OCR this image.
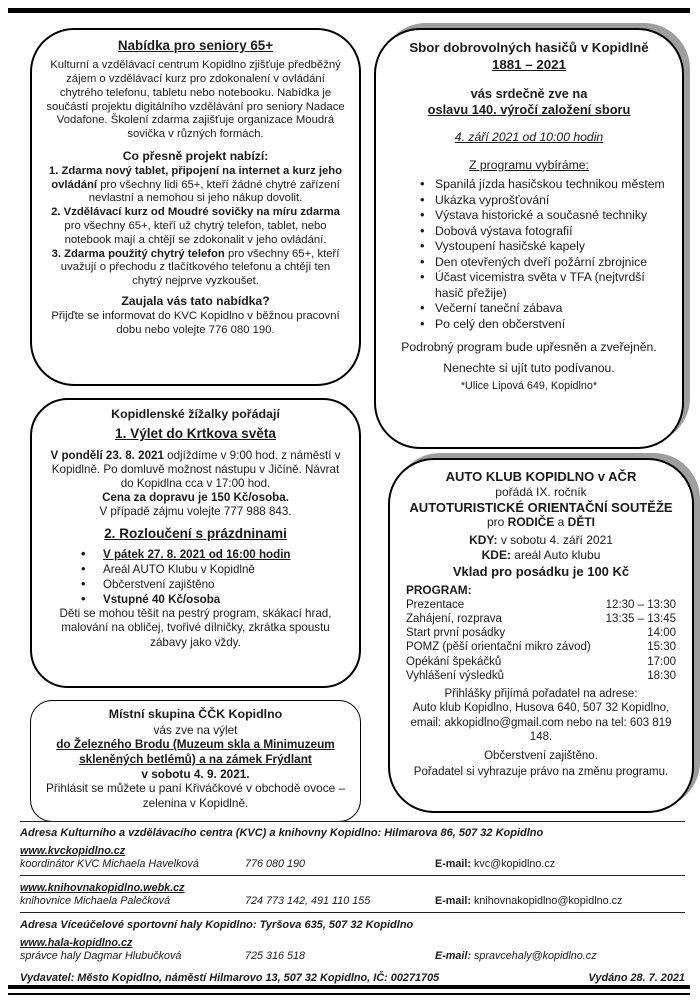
Nabídka pro seniory 65+

Kulturní a vzdělávací centrum Kopidlno zjišťuje předběžný zájem o vzdělávací kurz pro zdokonalení v ovládání chytrého telefonu, tabletu nebo notebooku. Nabídka je součástí projektu digitálního vzdělávání pro seniory Nadace Vodafone. Školení zdarma zajišťuje organizace Moudrá sovička v různých formách.

Co přesně projekt nabízí:

1. Zdarma nový tablet, připojení na internet a kurz jeho ovládání pro všechny lidi 65+, kteří žádné chytré zařízení nevlastní a nemohou si jeho nákup dovolit.

2. Vzdělávací kurz od Moudré sovičky na míru zdarma pro všechny 65+, kteří už chytrý telefon, tablet, nebo notebook mají a chtějí se zdokonalit v jeho ovládání.

3. Zdarma použitý chytrý telefon pro všechny 65+, kteří uvažují o přechodu z tlačítkového telefonu a chtějí ten chytrý nejprve vyzkoušet.

Zaujala vás tato nabídka?

Přijďte se informovat do KVC Kopidlno v běžnou pracovní dobu nebo volejte 776 080 190.

Sbor dobrovolných hasičů v Kopidlně

1881 – 2021

vás srdečně zve na

oslavu 140. výročí založení sboru

4. září 2021 od 10:00 hodin

Z programu vybíráme:

• Spanilá jízda hasičskou technikou městem
• Ukázka vyprošťování
• Výstava historické a současné techniky
• Dobová výstava fotografií
• Vystoupení hasičské kapely
• Den otevřených dveří požární zbrojnice
• Účast vicemistra světa v TFA (nejtvrdší hasič přežije)
• Večerní taneční zábava
• Po celý den občerstvení

Podrobný program bude upřesněn a zveřejněn.

Nenechte si ujít tuto podívanou.

*Ulice Lipová 649, Kopidlno*

Kopidlenské žížalky pořádají

1. Výlet do Krtkova světa

V pondělí 23. 8. 2021 odjíždíme v 9:00 hod. z náměstí v Kopidlně. Po domluvě možnost nástupu v Jičíně. Návrat do Kopidlna cca v 17:00 hod.
Cena za dopravu je 150 Kč/osoba.
V případě zájmu volejte 777 988 843.

2. Rozloučení s prázdninami

• V pátek 27. 8. 2021 od 16:00 hodin
• Areál AUTO Klubu v Kopidlně
• Občerstvení zajištěno
• Vstupné 40 Kč/osoba

Děti se mohou těšit na pestrý program, skákací hrad, malování na obličej, tvořivé dílničky, zkrátka spoustu zábavy jako vždy.

AUTO KLUB KOPIDLNO v AČR

pořádá IX. ročník

AUTOTURISTICKÉ ORIENTAČNÍ SOUTĚŽE

pro RODIČE a DĚTI

KDY: v sobotu 4. září 2021

KDE: areál Auto klubu

Vklad pro posádku je 100 Kč

PROGRAM:

Prezentace	12:30 – 13:30
Zahájení, rozprava	13:35 – 13:45
Start první posádky	14:00
POMZ (pěší orientační mikro závod)	15:30
Opékání špekáčků	17:00
Vyhlášení výsledků	18:30

Přihlášky přijímá pořadatel na adrese:
Auto klub Kopidlno, Husova 640, 507 32 Kopidlno, email: akkopidlno@gmail.com nebo na tel: 603 819 148.

Občerstvení zajištěno.

Pořadatel si vyhrazuje právo na změnu programu.

Místní skupina ČČK Kopidlno

vás zve na výlet

do Železného Brodu (Muzeum skla a Minimuzeum skleněných betlémů) a na zámek Frýdlant

v sobotu 4. 9. 2021.

Přihlásit se můžete u paní Křiváčkové v obchodě ovoce – zelenina v Kopidlně.

Adresa Kulturního a vzdělávacího centra (KVC) a knihovny Kopidlno: Hilmarova 86, 507 32 Kopidlno

www.kvckopidlno.cz

koordinátor KVC Michaela Havelková	776 080 190	E-mail: kvc@kopidlno.cz

www.knihovnakopidlno.webk.cz

knihovnice Michaela Palečková	724 773 142, 491 110 155	E-mail: knihovnakopidlno@kopidlno.cz

Adresa Víceúčelové sportovní haly Kopidlno: Tyršova 635, 507 32 Kopidlno

www.hala-kopidlno.cz

správce haly Dagmar Hlubučková	725 316 518	E-mail: spravcehaly@kopidlno.cz
Vydavatel: Město Kopidlno, náměstí Hilmarovo 13, 507 32 Kopidlno, IČ: 00271705	Vydáno 28. 7. 2021
